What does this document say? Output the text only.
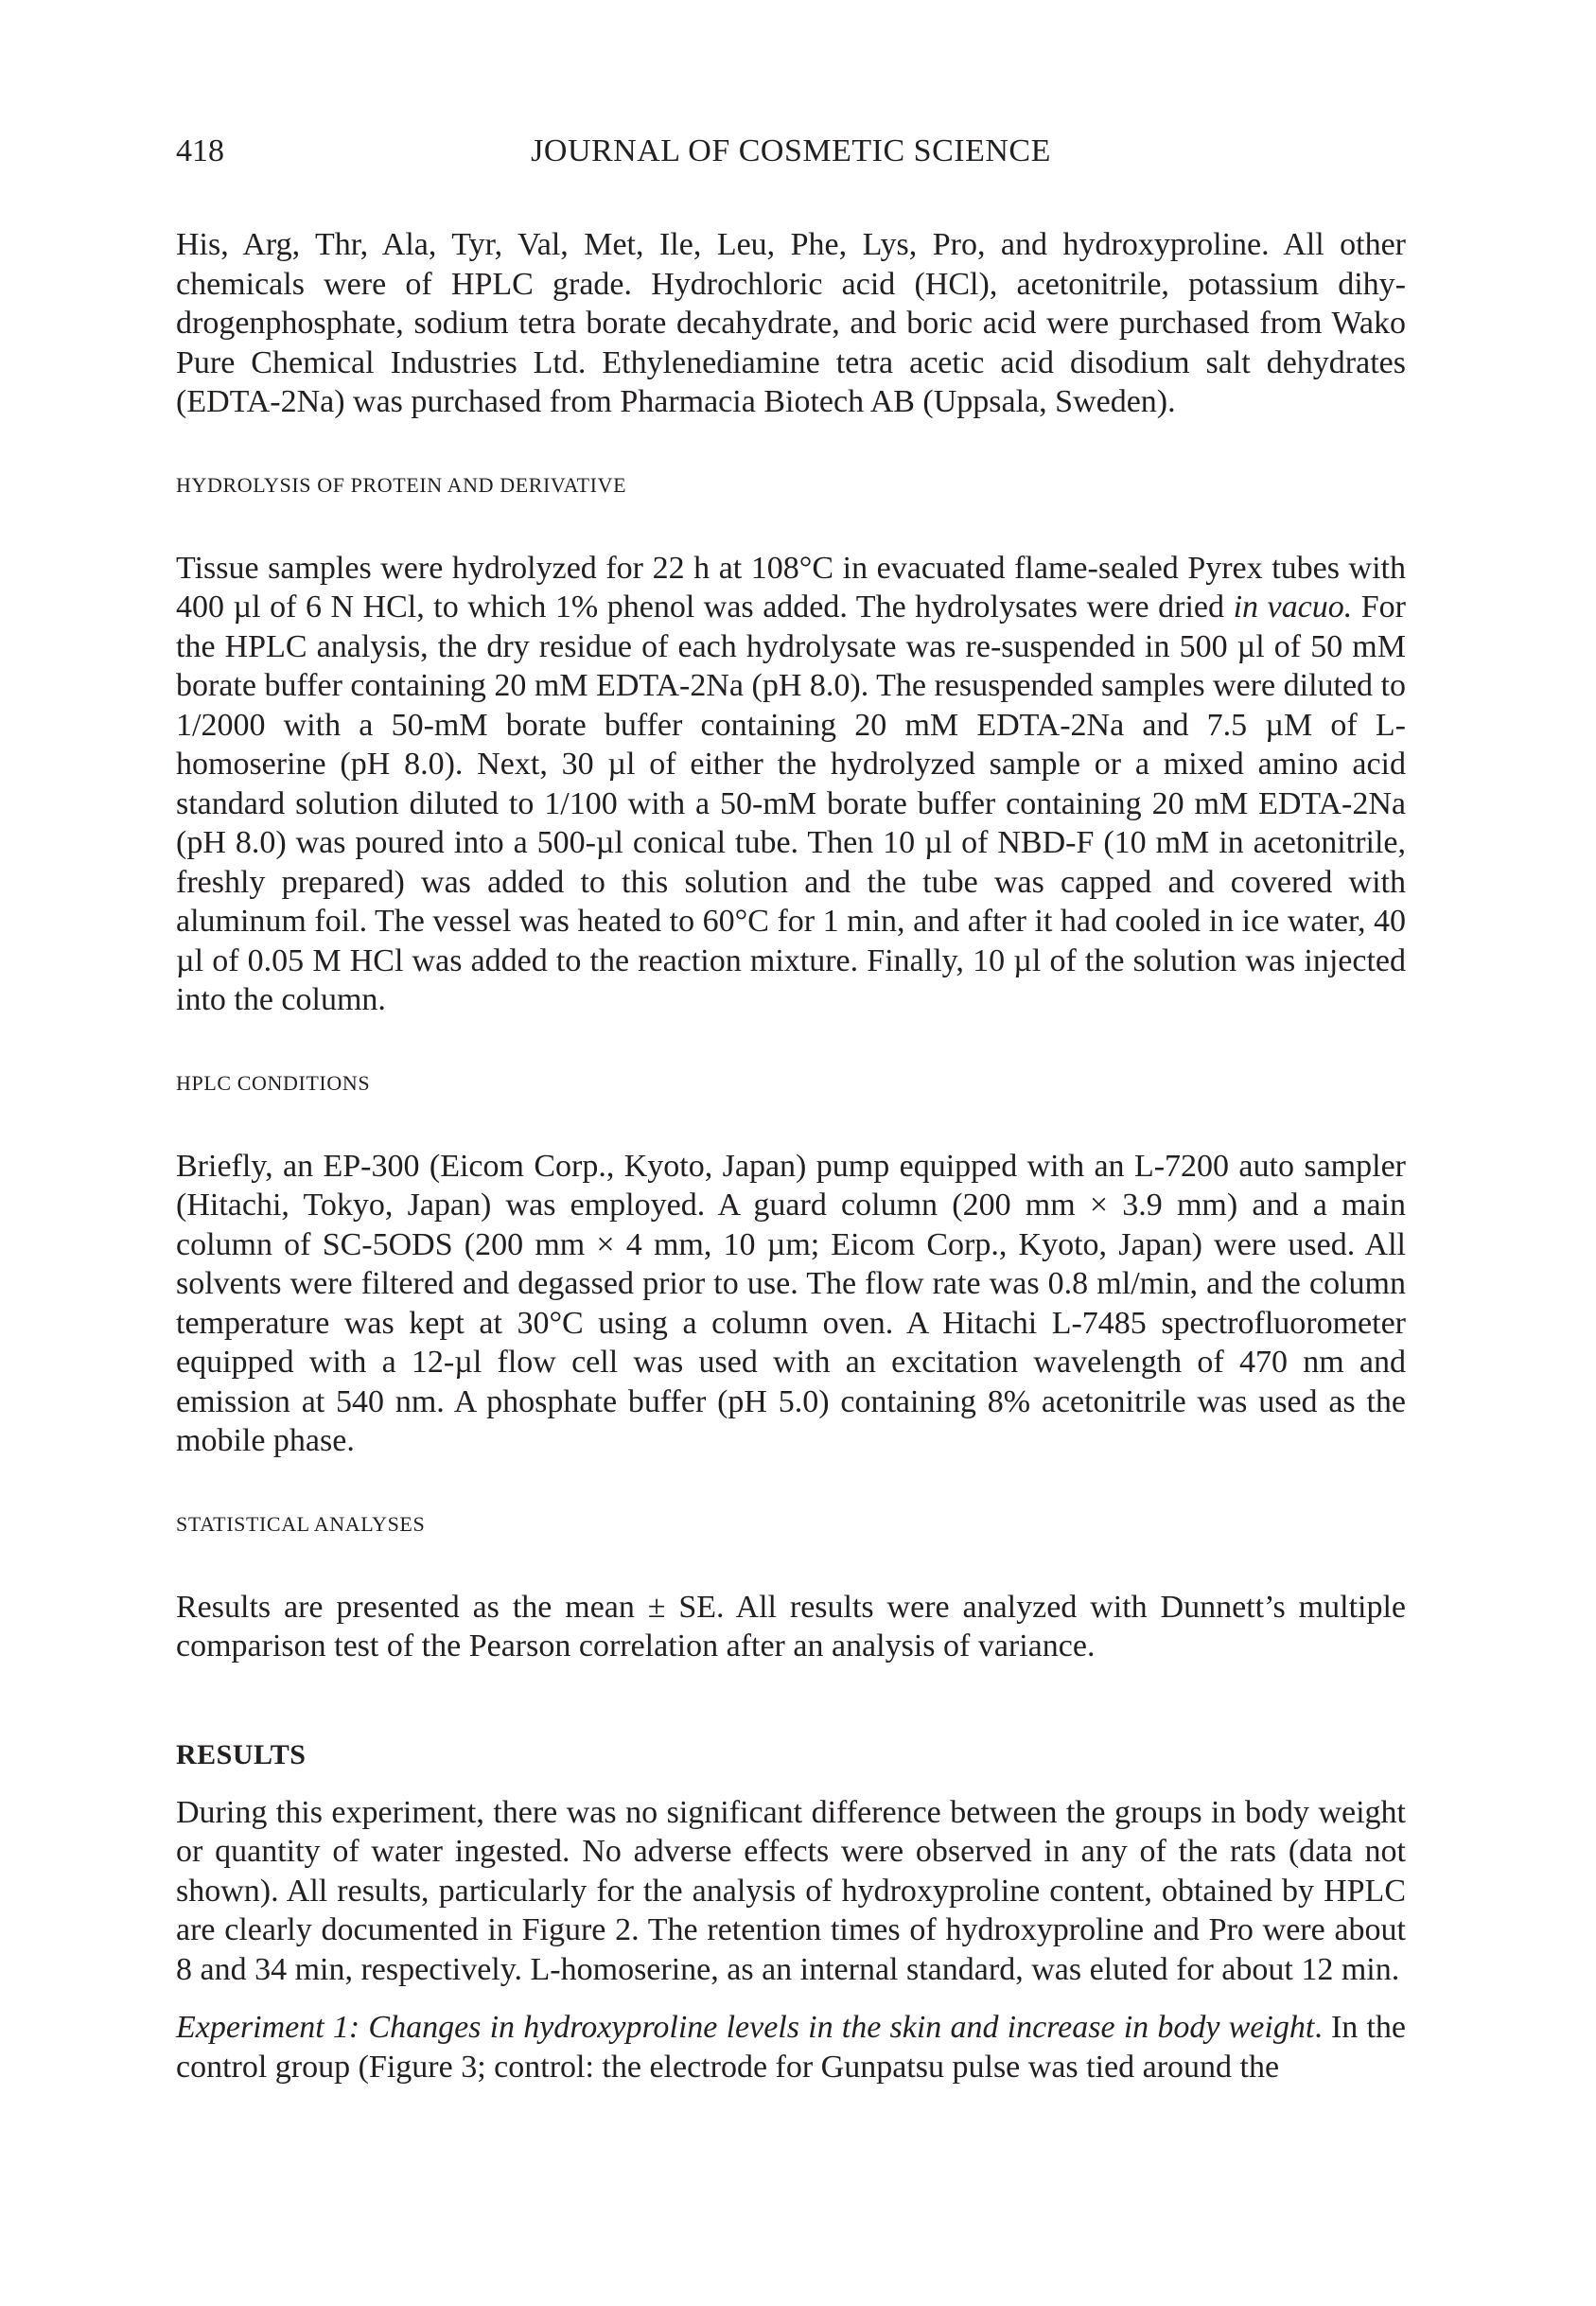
418	JOURNAL OF COSMETIC SCIENCE

His, Arg, Thr, Ala, Tyr, Val, Met, Ile, Leu, Phe, Lys, Pro, and hydroxyproline. All other chemicals were of HPLC grade. Hydrochloric acid (HCl), acetonitrile, potassium dihydrogenphosphate, sodium tetra borate decahydrate, and boric acid were purchased from Wako Pure Chemical Industries Ltd. Ethylenediamine tetra acetic acid disodium salt dehydrates (EDTA-2Na) was purchased from Pharmacia Biotech AB (Uppsala, Sweden).

HYDROLYSIS OF PROTEIN AND DERIVATIVE

Tissue samples were hydrolyzed for 22 h at 108°C in evacuated flame-sealed Pyrex tubes with 400 µl of 6 N HCl, to which 1% phenol was added. The hydrolysates were dried in vacuo. For the HPLC analysis, the dry residue of each hydrolysate was re-suspended in 500 µl of 50 mM borate buffer containing 20 mM EDTA-2Na (pH 8.0). The resuspended samples were diluted to 1/2000 with a 50-mM borate buffer containing 20 mM EDTA-2Na and 7.5 µM of L-homoserine (pH 8.0). Next, 30 µl of either the hydrolyzed sample or a mixed amino acid standard solution diluted to 1/100 with a 50-mM borate buffer containing 20 mM EDTA-2Na (pH 8.0) was poured into a 500-µl conical tube. Then 10 µl of NBD-F (10 mM in acetonitrile, freshly prepared) was added to this solution and the tube was capped and covered with aluminum foil. The vessel was heated to 60°C for 1 min, and after it had cooled in ice water, 40 µl of 0.05 M HCl was added to the reaction mixture. Finally, 10 µl of the solution was injected into the column.

HPLC CONDITIONS

Briefly, an EP-300 (Eicom Corp., Kyoto, Japan) pump equipped with an L-7200 auto sampler (Hitachi, Tokyo, Japan) was employed. A guard column (200 mm × 3.9 mm) and a main column of SC-5ODS (200 mm × 4 mm, 10 µm; Eicom Corp., Kyoto, Japan) were used. All solvents were filtered and degassed prior to use. The flow rate was 0.8 ml/min, and the column temperature was kept at 30°C using a column oven. A Hitachi L-7485 spectrofluorometer equipped with a 12-µl flow cell was used with an excitation wavelength of 470 nm and emission at 540 nm. A phosphate buffer (pH 5.0) containing 8% acetonitrile was used as the mobile phase.

STATISTICAL ANALYSES

Results are presented as the mean ± SE. All results were analyzed with Dunnett’s multiple comparison test of the Pearson correlation after an analysis of variance.

RESULTS

During this experiment, there was no significant difference between the groups in body weight or quantity of water ingested. No adverse effects were observed in any of the rats (data not shown). All results, particularly for the analysis of hydroxyproline content, obtained by HPLC are clearly documented in Figure 2. The retention times of hydroxyproline and Pro were about 8 and 34 min, respectively. L-homoserine, as an internal standard, was eluted for about 12 min.

Experiment 1: Changes in hydroxyproline levels in the skin and increase in body weight. In the control group (Figure 3; control: the electrode for Gunpatsu pulse was tied around the
